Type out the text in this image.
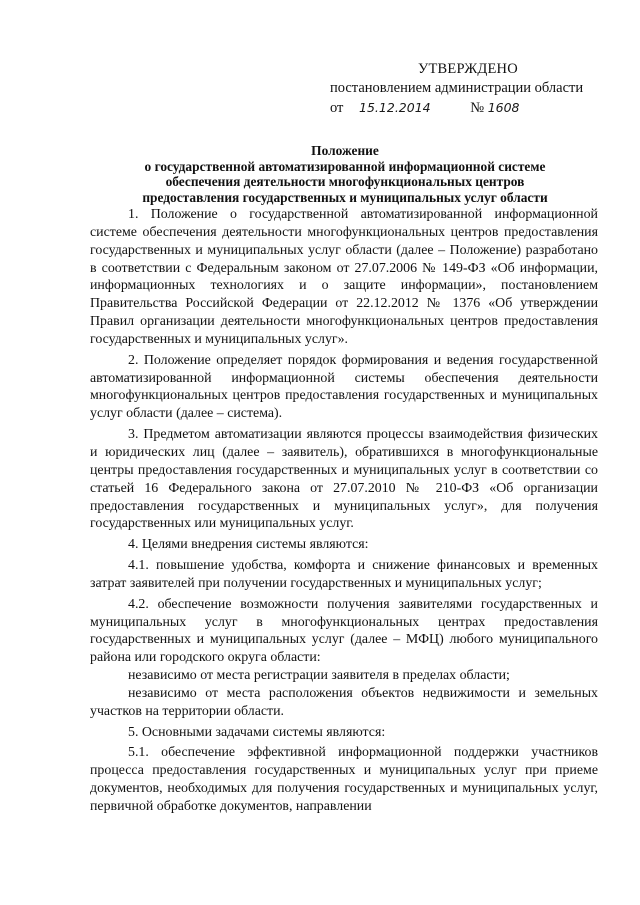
УТВЕРЖДЕНО
постановлением администрации области
от 15.12.2014	№ 1608
Положение
о государственной автоматизированной информационной системе
обеспечения деятельности многофункциональных центров
предоставления государственных и муниципальных услуг области

1. Положение о государственной автоматизированной информационной системе обеспечения деятельности многофункциональных центров предоставления государственных и муниципальных услуг области (далее – Положение) разработано в соответствии с Федеральным законом от 27.07.2006 № 149-ФЗ «Об информации, информационных технологиях и о защите информации», постановлением Правительства Российской Федерации от 22.12.2012 № 1376 «Об утверждении Правил организации деятельности многофункциональных центров предоставления государственных и муниципальных услуг».

2. Положение определяет порядок формирования и ведения государственной автоматизированной информационной системы обеспечения деятельности многофункциональных центров предоставления государственных и муниципальных услуг области (далее – система).

3. Предметом автоматизации являются процессы взаимодействия физических и юридических лиц (далее – заявитель), обратившихся в многофункциональные центры предоставления государственных и муниципальных услуг в соответствии со статьей 16 Федерального закона от 27.07.2010 № 210-ФЗ «Об организации предоставления государственных и муниципальных услуг», для получения государственных или муниципальных услуг.

4. Целями внедрения системы являются:

4.1. повышение удобства, комфорта и снижение финансовых и временных затрат заявителей при получении государственных и муниципальных услуг;

4.2. обеспечение возможности получения заявителями государственных и муниципальных услуг в многофункциональных центрах предоставления государственных и муниципальных услуг (далее – МФЦ) любого муниципального района или городского округа области:

независимо от места регистрации заявителя в пределах области;

независимо от места расположения объектов недвижимости и земельных участков на территории области.

5. Основными задачами системы являются:

5.1. обеспечение эффективной информационной поддержки участников процесса предоставления государственных и муниципальных услуг при приеме документов, необходимых для получения государственных и муниципальных услуг, первичной обработке документов, направлении
